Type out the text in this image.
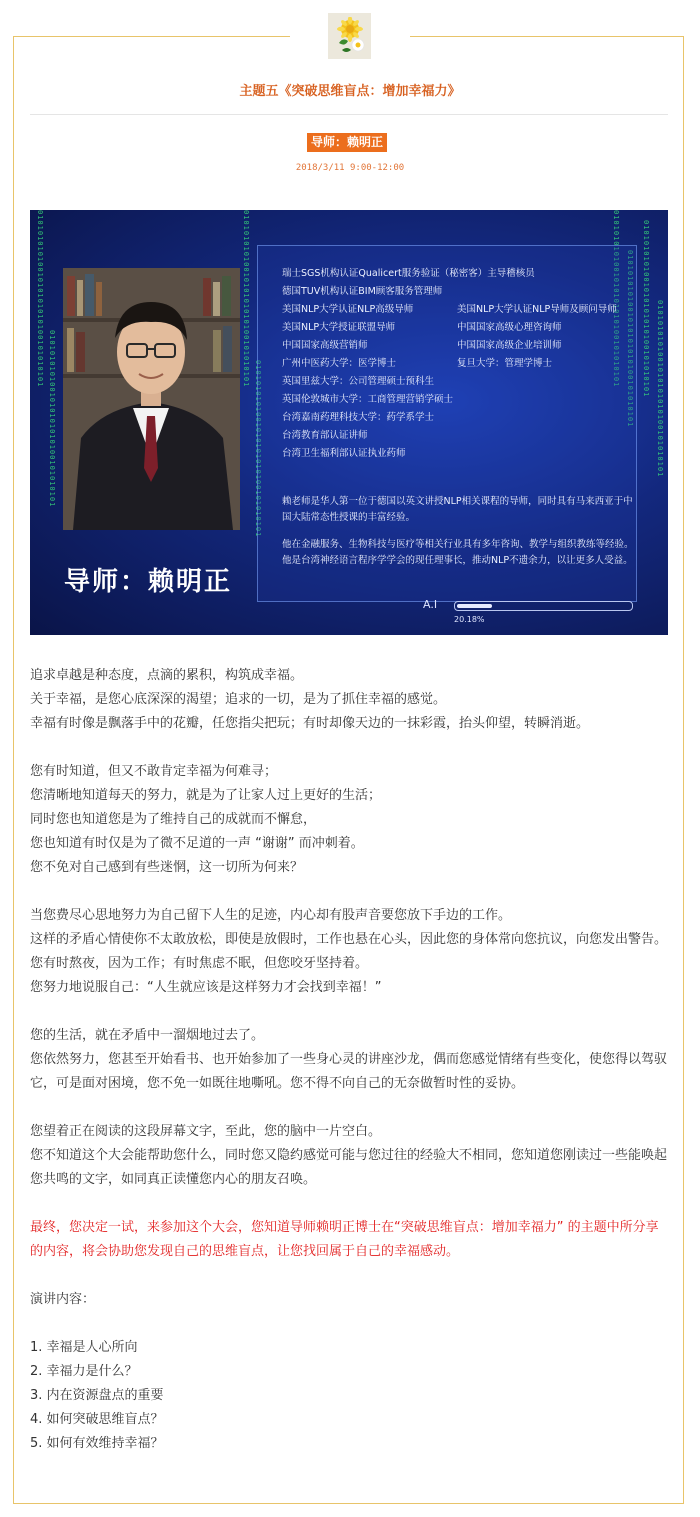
主题五《突破思维盲点：增加幸福力》
导师：赖明正
2018/3/11 9:00-12:00
0101010101001010101010100101010101
0101010101001010101010100101010101
0101010101001010101010100101010101
0101010101001010101010100101010101
0101010101001010101010100101010101 0101010101001010101010100101010101 0101010101001010101010100101010101 0101010101001010101010100101010101
瑞士SGS机构认证Qualicert服务验证（秘密客）主导稽核员
德国TUV机构认证BIM顾客服务管理师
美国NLP大学认证NLP高级导师	美国NLP大学认证NLP导师及顾问导师
美国NLP大学授证联盟导师	中国国家高级心理咨询师
中国国家高级营销师	中国国家高级企业培训师
广州中医药大学：医学博士	复旦大学：管理学博士
英国里兹大学：公司管理硕士预科生
英国伦敦城市大学：工商管理营销学硕士
台湾嘉南药理科技大学：药学系学士
台湾教育部认证讲师
台湾卫生福利部认证执业药师
赖老师是华人第一位于德国以英文讲授NLP相关课程的导师，同时具有马来西亚于中国大陆常态性授课的丰富经验。
他在金融服务、生物科技与医疗等相关行业具有多年咨询、教学与组织教练等经验。他是台湾神经语言程序学学会的现任理事长，推动NLP不遗余力，以让更多人受益。
导师：赖明正
A.I
20.18%

追求卓越是种态度，点滴的累积，构筑成幸福。
关于幸福，是您心底深深的渴望；追求的一切，是为了抓住幸福的感觉。
幸福有时像是飘落手中的花瓣，任您指尖把玩；有时却像天边的一抹彩霞，抬头仰望，转瞬消逝。

您有时知道，但又不敢肯定幸福为何难寻；
您清晰地知道每天的努力，就是为了让家人过上更好的生活；
同时您也知道您是为了维持自己的成就而不懈怠，
您也知道有时仅是为了微不足道的一声 “谢谢” 而冲刺着。
您不免对自己感到有些迷惘，这一切所为何来？

当您费尽心思地努力为自己留下人生的足迹，内心却有股声音要您放下手边的工作。
这样的矛盾心情使你不太敢放松，即使是放假时，工作也悬在心头，因此您的身体常向您抗议，向您发出警告。
您有时熬夜，因为工作；有时焦虑不眠，但您咬牙坚持着。
您努力地说服自己：“人生就应该是这样努力才会找到幸福！”

您的生活，就在矛盾中一溜烟地过去了。
您依然努力，您甚至开始看书、也开始参加了一些身心灵的讲座沙龙，偶而您感觉情绪有些变化，使您得以驾驭它，可是面对困境，您不免一如既往地嘶吼。您不得不向自己的无奈做暂时性的妥协。

您望着正在阅读的这段屏幕文字，至此，您的脑中一片空白。
您不知道这个大会能帮助您什么，同时您又隐约感觉可能与您过往的经验大不相同，您知道您刚读过一些能唤起您共鸣的文字，如同真正读懂您内心的朋友召唤。

最终，您决定一试，来参加这个大会，您知道导师赖明正博士在“突破思维盲点：增加幸福力” 的主题中所分享的内容，将会协助您发现自己的思维盲点，让您找回属于自己的幸福感动。

演讲内容：

1. 幸福是人心所向
2. 幸福力是什么？
3. 内在资源盘点的重要
4. 如何突破思维盲点？
5. 如何有效维持幸福？
